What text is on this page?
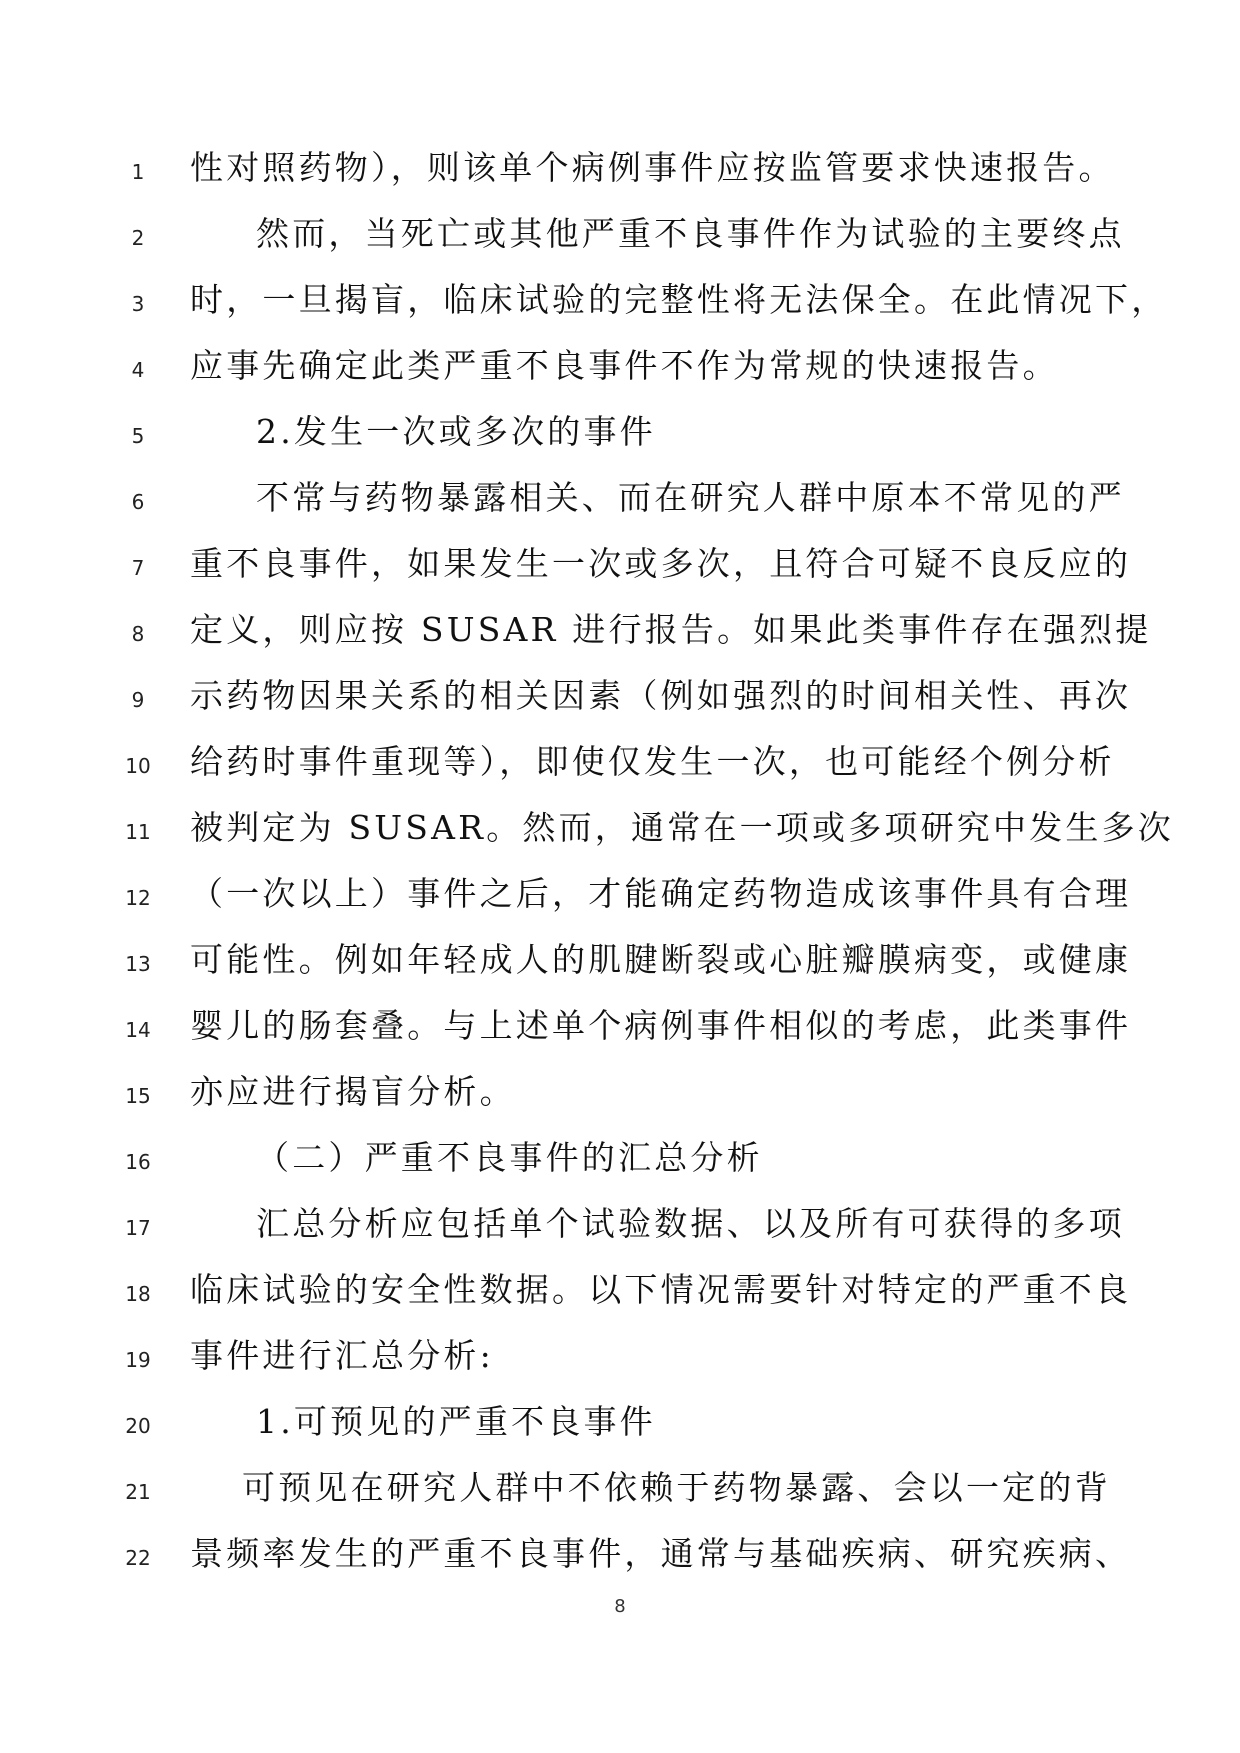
1	性对照药物），则该单个病例事件应按监管要求快速报告。
2	然而，当死亡或其他严重不良事件作为试验的主要终点
3	时，一旦揭盲，临床试验的完整性将无法保全。在此情况下，
4	应事先确定此类严重不良事件不作为常规的快速报告。
5	2.发生一次或多次的事件
6	不常与药物暴露相关、而在研究人群中原本不常见的严
7	重不良事件，如果发生一次或多次，且符合可疑不良反应的
8	定义，则应按 SUSAR 进行报告。如果此类事件存在强烈提
9	示药物因果关系的相关因素（例如强烈的时间相关性、再次
10	给药时事件重现等），即使仅发生一次，也可能经个例分析
11	被判定为 SUSAR。然而，通常在一项或多项研究中发生多次
12	（一次以上）事件之后，才能确定药物造成该事件具有合理
13	可能性。例如年轻成人的肌腱断裂或心脏瓣膜病变，或健康
14	婴儿的肠套叠。与上述单个病例事件相似的考虑，此类事件
15	亦应进行揭盲分析。
16	（二）严重不良事件的汇总分析
17	汇总分析应包括单个试验数据、以及所有可获得的多项
18	临床试验的安全性数据。以下情况需要针对特定的严重不良
19	事件进行汇总分析:
20	1.可预见的严重不良事件
21	可预见在研究人群中不依赖于药物暴露、会以一定的背
22	景频率发生的严重不良事件，通常与基础疾病、研究疾病、
8
